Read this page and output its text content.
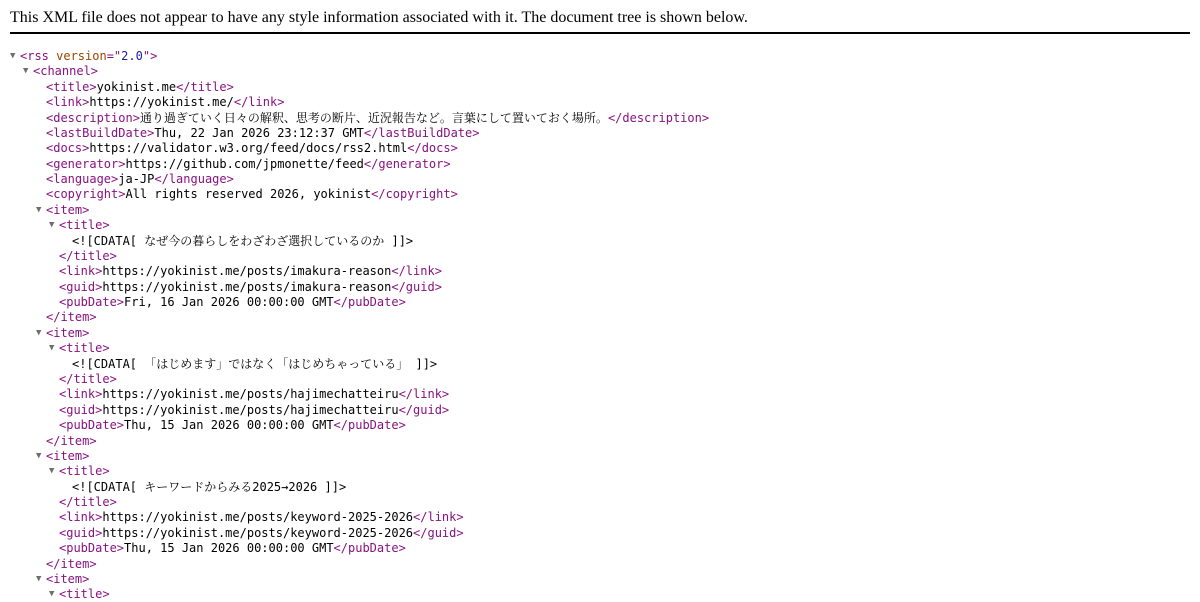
This XML file does not appear to have any style information associated with it. The document tree is shown below.
▼ <rss version="2.0">
▼ <channel>
<title>yokinist.me</title>
<link>https://yokinist.me/</link>
<description>通り過ぎていく日々の解釈、思考の断片、近況報告など。言葉にして置いておく場所。</description>
<lastBuildDate>Thu, 22 Jan 2026 23:12:37 GMT</lastBuildDate>
<docs>https://validator.w3.org/feed/docs/rss2.html</docs>
<generator>https://github.com/jpmonette/feed</generator>
<language>ja-JP</language>
<copyright>All rights reserved 2026, yokinist</copyright>
▼ <item>
▼ <title>
<![CDATA[ なぜ今の暮らしをわざわざ選択しているのか ]]>
</title>
<link>https://yokinist.me/posts/imakura-reason</link>
<guid>https://yokinist.me/posts/imakura-reason</guid>
<pubDate>Fri, 16 Jan 2026 00:00:00 GMT</pubDate>
</item>
▼ <item>
▼ <title>
<![CDATA[ 「はじめます」ではなく「はじめちゃっている」 ]]>
</title>
<link>https://yokinist.me/posts/hajimechatteiru</link>
<guid>https://yokinist.me/posts/hajimechatteiru</guid>
<pubDate>Thu, 15 Jan 2026 00:00:00 GMT</pubDate>
</item>
▼ <item>
▼ <title>
<![CDATA[ キーワードからみる2025→2026 ]]>
</title>
<link>https://yokinist.me/posts/keyword-2025-2026</link>
<guid>https://yokinist.me/posts/keyword-2025-2026</guid>
<pubDate>Thu, 15 Jan 2026 00:00:00 GMT</pubDate>
</item>
▼ <item>
▼ <title>
